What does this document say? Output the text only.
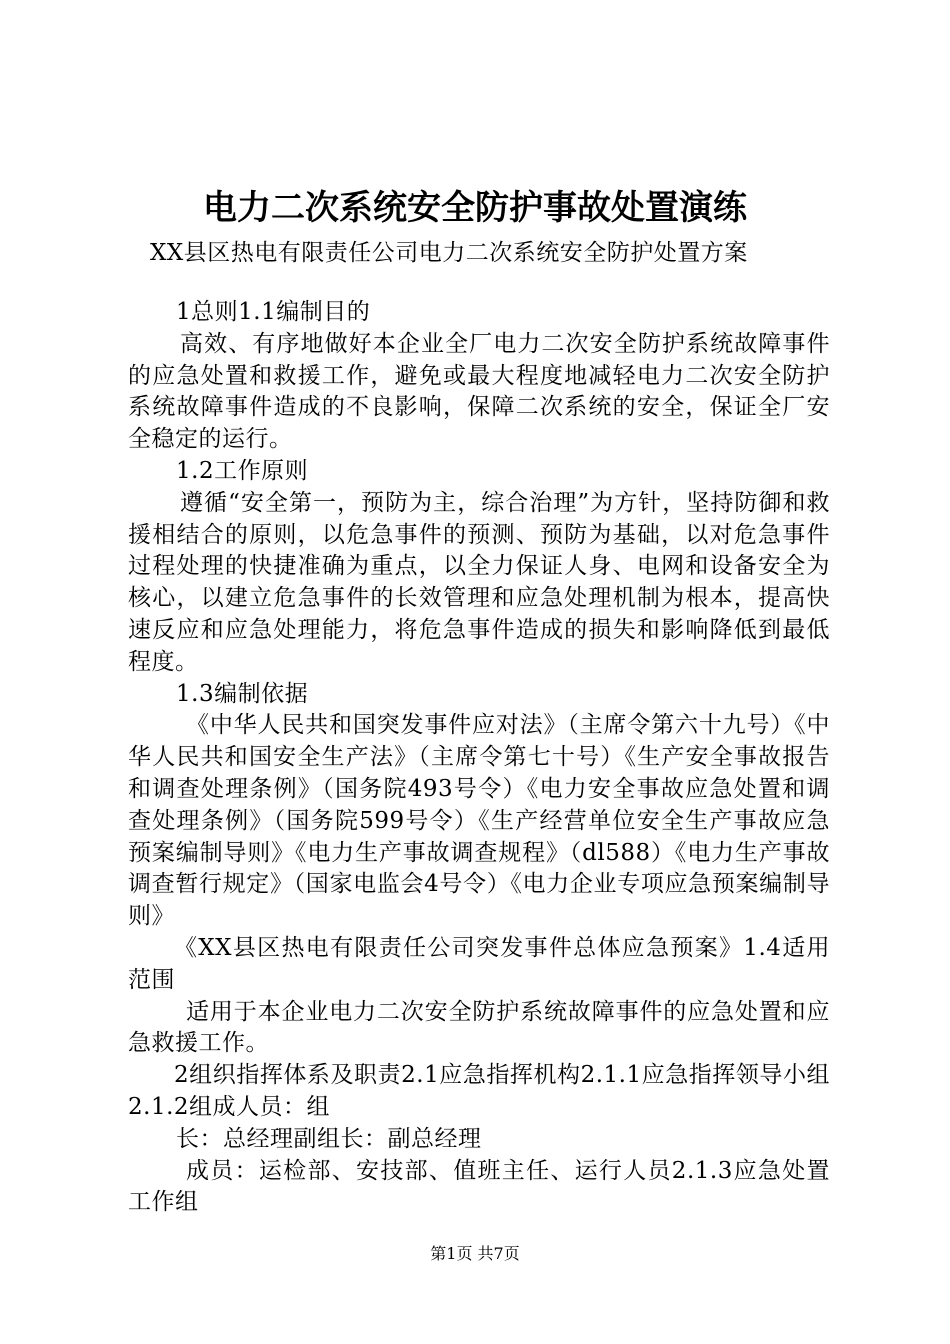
电力二次系统安全防护事故处置演练
XX县区热电有限责任公司电力二次系统安全防护处置方案

1总则1.1编制目的

高效、有序地做好本企业全厂电力二次安全防护系统故障事件的应急处置和救援工作，避免或最大程度地减轻电力二次安全防护系统故障事件造成的不良影响，保障二次系统的安全，保证全厂安全稳定的运行。

1.2工作原则

遵循“安全第一，预防为主，综合治理”为方针，坚持防御和救援相结合的原则，以危急事件的预测、预防为基础，以对危急事件过程处理的快捷准确为重点，以全力保证人身、电网和设备安全为核心，以建立危急事件的长效管理和应急处理机制为根本，提高快速反应和应急处理能力，将危急事件造成的损失和影响降低到最低程度。

1.3编制依据

《中华人民共和国突发事件应对法》（主席令第六十九号）《中华人民共和国安全生产法》（主席令第七十号）《生产安全事故报告和调查处理条例》（国务院493号令）《电力安全事故应急处置和调查处理条例》（国务院599号令）《生产经营单位安全生产事故应急预案编制导则》《电力生产事故调查规程》（dl588）《电力生产事故调查暂行规定》（国家电监会4号令）《电力企业专项应急预案编制导则》

《XX县区热电有限责任公司突发事件总体应急预案》1.4适用范围

适用于本企业电力二次安全防护系统故障事件的应急处置和应急救援工作。

2组织指挥体系及职责2.1应急指挥机构2.1.1应急指挥领导小组2.1.2组成人员：组

长：总经理副组长：副总经理

成员：运检部、安技部、值班主任、运行人员2.1.3应急处置工作组

第1页 共7页
